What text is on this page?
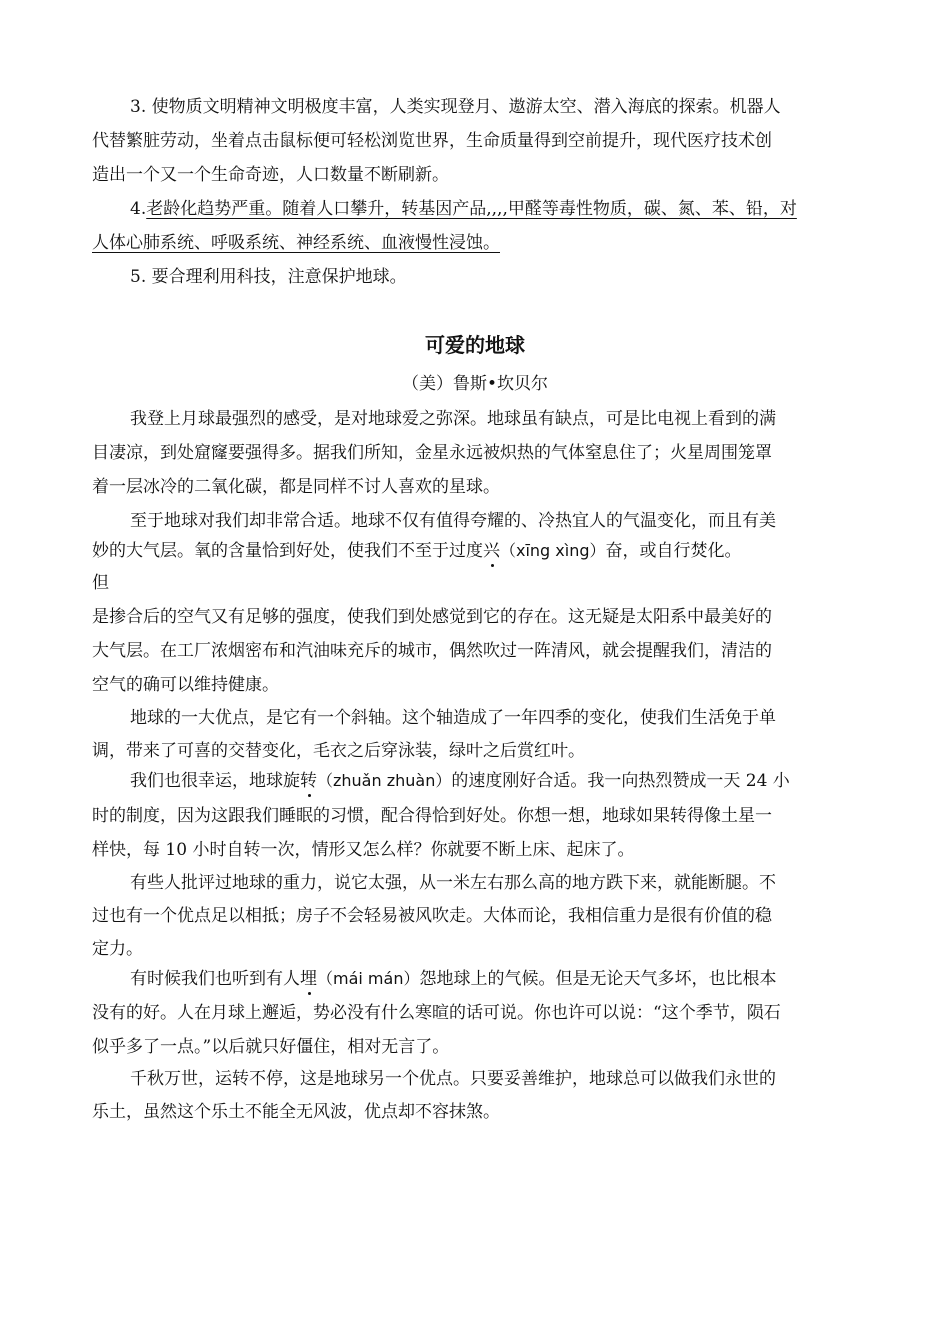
3. 使物质文明精神文明极度丰富，人类实现登月、遨游太空、潜入海底的探索。机器人

代替繁脏劳动，坐着点击鼠标便可轻松浏览世界，生命质量得到空前提升，现代医疗技术创

造出一个又一个生命奇迹，人口数量不断刷新。

4.老龄化趋势严重。随着人口攀升，转基因产品,,,,甲醛等毒性物质，碳、氮、苯、铅，对

人体心肺系统、呼吸系统、神经系统、血液慢性浸蚀。

5. 要合理利用科技，注意保护地球。

可爱的地球
（美）鲁斯•坎贝尔

我登上月球最强烈的感受，是对地球爱之弥深。地球虽有缺点，可是比电视上看到的满

目凄凉，到处窟窿要强得多。据我们所知，金星永远被炽热的气体窒息住了；火星周围笼罩

着一层冰冷的二氧化碳，都是同样不讨人喜欢的星球。

至于地球对我们却非常合适。地球不仅有值得夸耀的、冷热宜人的气温变化，而且有美

妙的大气层。氧的含量恰到好处，使我们不至于过度兴（xīng xìng）奋，或自行焚化。

但

是掺合后的空气又有足够的强度，使我们到处感觉到它的存在。这无疑是太阳系中最美好的

大气层。在工厂浓烟密布和汽油味充斥的城市，偶然吹过一阵清风，就会提醒我们，清洁的

空气的确可以维持健康。

地球的一大优点，是它有一个斜轴。这个轴造成了一年四季的变化，使我们生活免于单

调，带来了可喜的交替变化，毛衣之后穿泳装，绿叶之后赏红叶。

我们也很幸运，地球旋转（zhuǎn zhuàn）的速度刚好合适。我一向热烈赞成一天 24 小

时的制度，因为这跟我们睡眠的习惯，配合得恰到好处。你想一想，地球如果转得像土星一

样快，每 10 小时自转一次，情形又怎么样？你就要不断上床、起床了。

有些人批评过地球的重力，说它太强，从一米左右那么高的地方跌下来，就能断腿。不

过也有一个优点足以相抵；房子不会轻易被风吹走。大体而论，我相信重力是很有价值的稳

定力。

有时候我们也听到有人埋（mái mán）怨地球上的气候。但是无论天气多坏，也比根本

没有的好。人在月球上邂逅，势必没有什么寒暄的话可说。你也许可以说：“这个季节，陨石

似乎多了一点。”以后就只好僵住，相对无言了。

千秋万世，运转不停，这是地球另一个优点。只要妥善维护，地球总可以做我们永世的

乐土，虽然这个乐土不能全无风波，优点却不容抹煞。
